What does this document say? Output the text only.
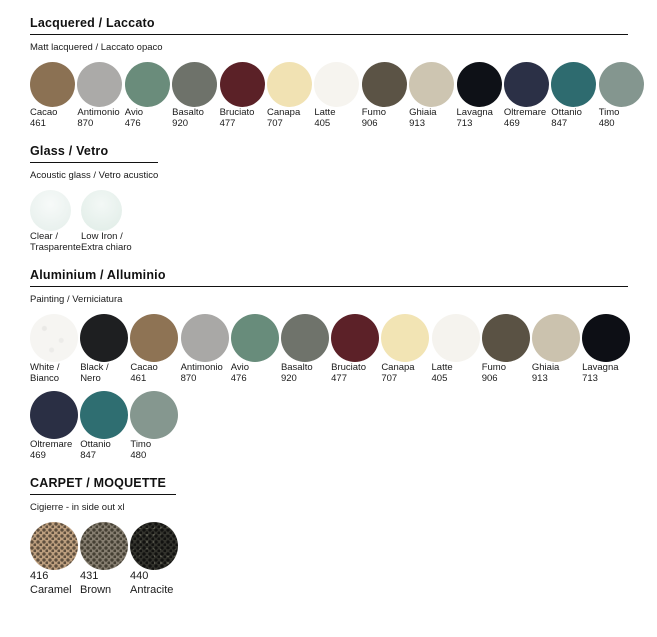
Lacquered / Laccato
Matt lacquered / Laccato opaco
Cacao
461
Antimonio
870
Avio
476
Basalto
920
Bruciato
477
Canapa
707
Latte
405
Fumo
906
Ghiaia
913
Lavagna
713
Oltremare
469
Ottanio
847
Timo
480
Glass / Vetro
Acoustic glass / Vetro acustico
Clear /
Trasparente
Low Iron /
Extra chiaro
Aluminium / Alluminio
Painting / Verniciatura
White /
Bianco
Black /
Nero
Cacao
461
Antimonio
870
Avio
476
Basalto
920
Bruciato
477
Canapa
707
Latte
405
Fumo
906
Ghiaia
913
Lavagna
713
Oltremare
469
Ottanio
847
Timo
480
CARPET / MOQUETTE
Cigierre - in side out xl
416
Caramel
431
Brown
440
Antracite
